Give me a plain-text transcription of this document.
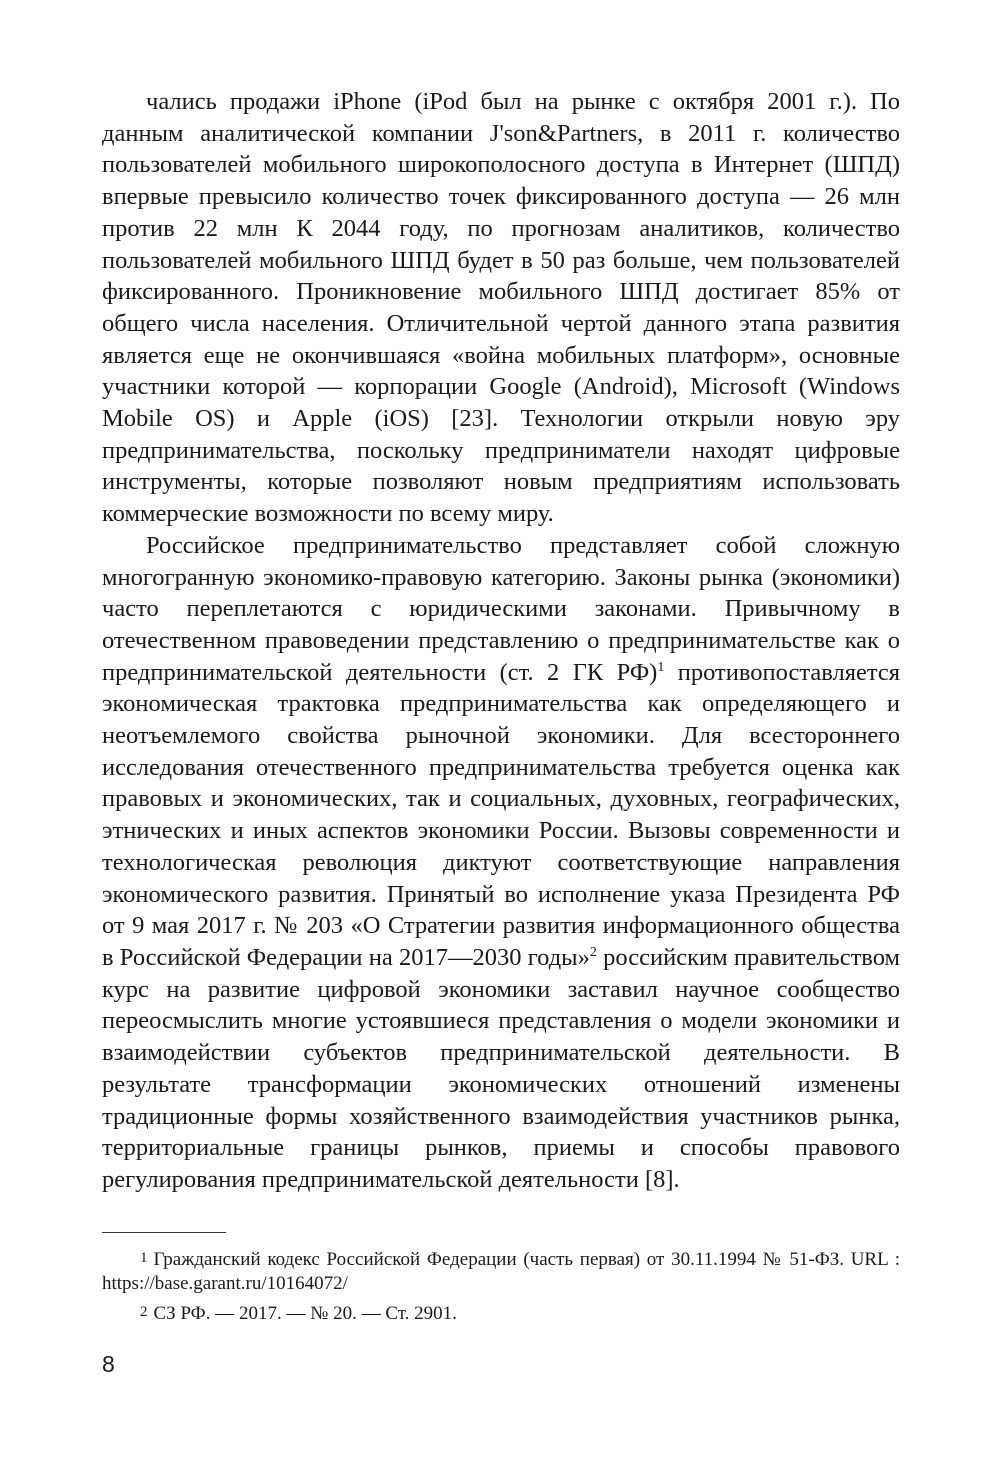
чались продажи iPhone (iPod был на рынке с октября 2001 г.). По данным аналитической компании J'son&Partners, в 2011 г. количество пользователей мобильного широкополосного доступа в Интернет (ШПД) впервые превысило количество точек фиксированного доступа — 26 млн против 22 млн К 2044 году, по прогнозам аналитиков, количество пользователей мобильного ШПД будет в 50 раз больше, чем пользователей фиксированного. Проникновение мобильного ШПД достигает 85% от общего числа населения. Отличительной чертой данного этапа развития является еще не окончившаяся «война мобильных платформ», основные участники которой — корпорации Google (Android), Microsoft (Windows Mobile OS) и Apple (iOS) [23]. Технологии открыли новую эру предпринимательства, поскольку предприниматели находят цифровые инструменты, которые позволяют новым предприятиям использовать коммерческие возможности по всему миру.

Российское предпринимательство представляет собой сложную многогранную экономико-правовую категорию. Законы рынка (экономики) часто переплетаются с юридическими законами. Привычному в отечественном правоведении представлению о предпринимательстве как о предпринимательской деятельности (ст. 2 ГК РФ)$^1$ противопоставляется экономическая трактовка предпринимательства как определяющего и неотъемлемого свойства рыночной экономики. Для всестороннего исследования отечественного предпринимательства требуется оценка как правовых и экономических, так и социальных, духовных, географических, этнических и иных аспектов экономики России. Вызовы современности и технологическая революция диктуют соответствующие направления экономического развития. Принятый во исполнение указа Президента РФ от 9 мая 2017 г. № 203 «О Стратегии развития информационного общества в Российской Федерации на 2017—2030 годы»$^2$ российским правительством курс на развитие цифровой экономики заставил научное сообщество переосмыслить многие устоявшиеся представления о модели экономики и взаимодействии субъектов предпринимательской деятельности. В результате трансформации экономических отношений изменены традиционные формы хозяйственного взаимодействия участников рынка, территориальные границы рынков, приемы и способы правового регулирования предпринимательской деятельности [8].

1 Гражданский кодекс Российской Федерации (часть первая) от 30.11.1994 № 51-ФЗ. URL : https://base.garant.ru/10164072/

2 СЗ РФ. — 2017. — № 20. — Ст. 2901.

8
